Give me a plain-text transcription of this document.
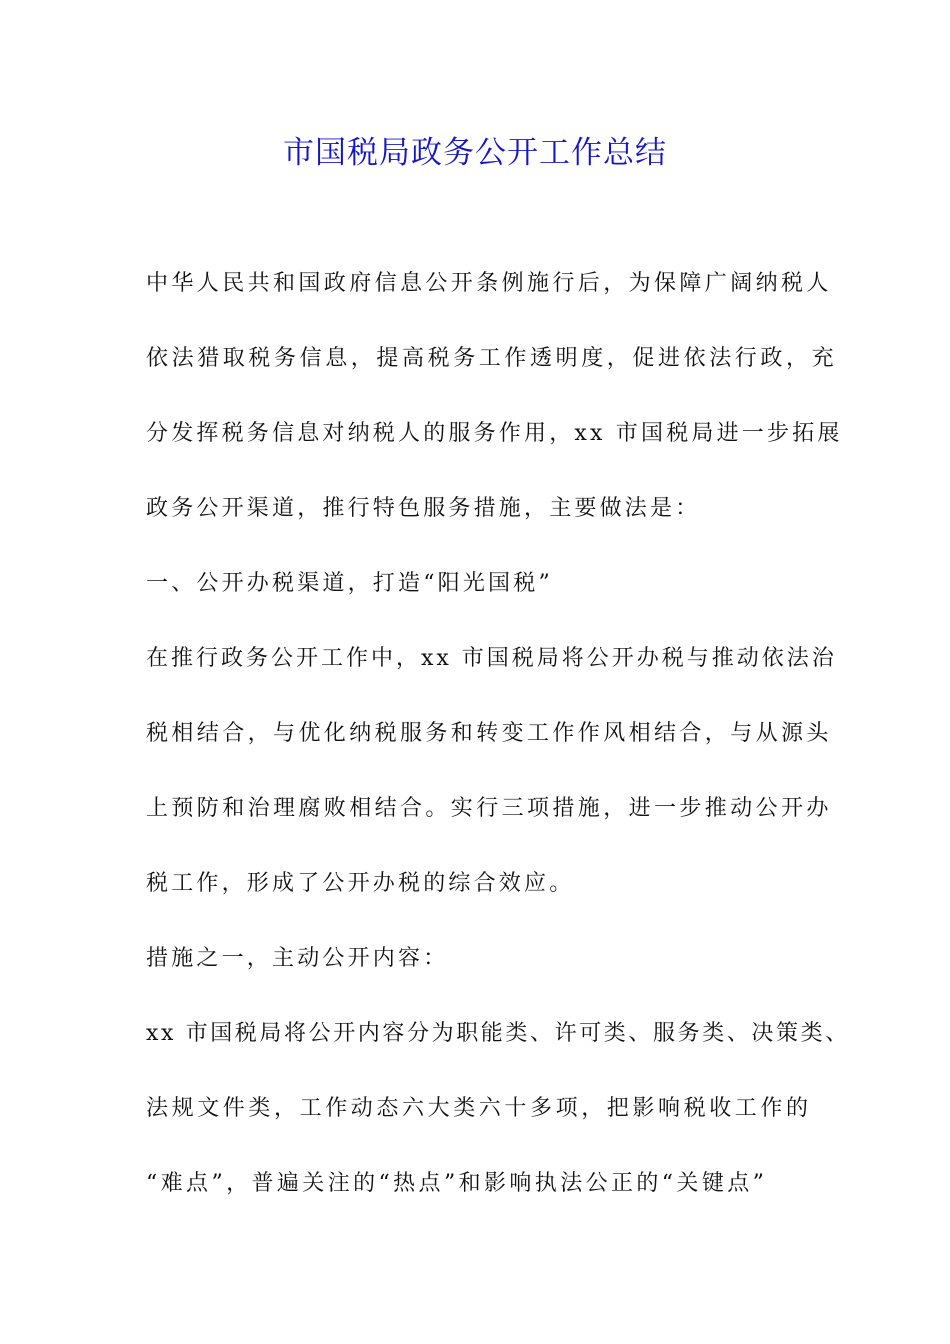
市国税局政务公开工作总结

中华人民共和国政府信息公开条例施行后，为保障广阔纳税人

依法猎取税务信息，提高税务工作透明度，促进依法行政，充

分发挥税务信息对纳税人的服务作用，xx 市国税局进一步拓展

政务公开渠道，推行特色服务措施，主要做法是：

一、公开办税渠道，打造“阳光国税”

在推行政务公开工作中，xx 市国税局将公开办税与推动依法治

税相结合，与优化纳税服务和转变工作作风相结合，与从源头

上预防和治理腐败相结合。实行三项措施，进一步推动公开办

税工作，形成了公开办税的综合效应。

措施之一，主动公开内容：

xx 市国税局将公开内容分为职能类、许可类、服务类、决策类、

法规文件类，工作动态六大类六十多项，把影响税收工作的

“难点”，普遍关注的“热点”和影响执法公正的“关键点”
